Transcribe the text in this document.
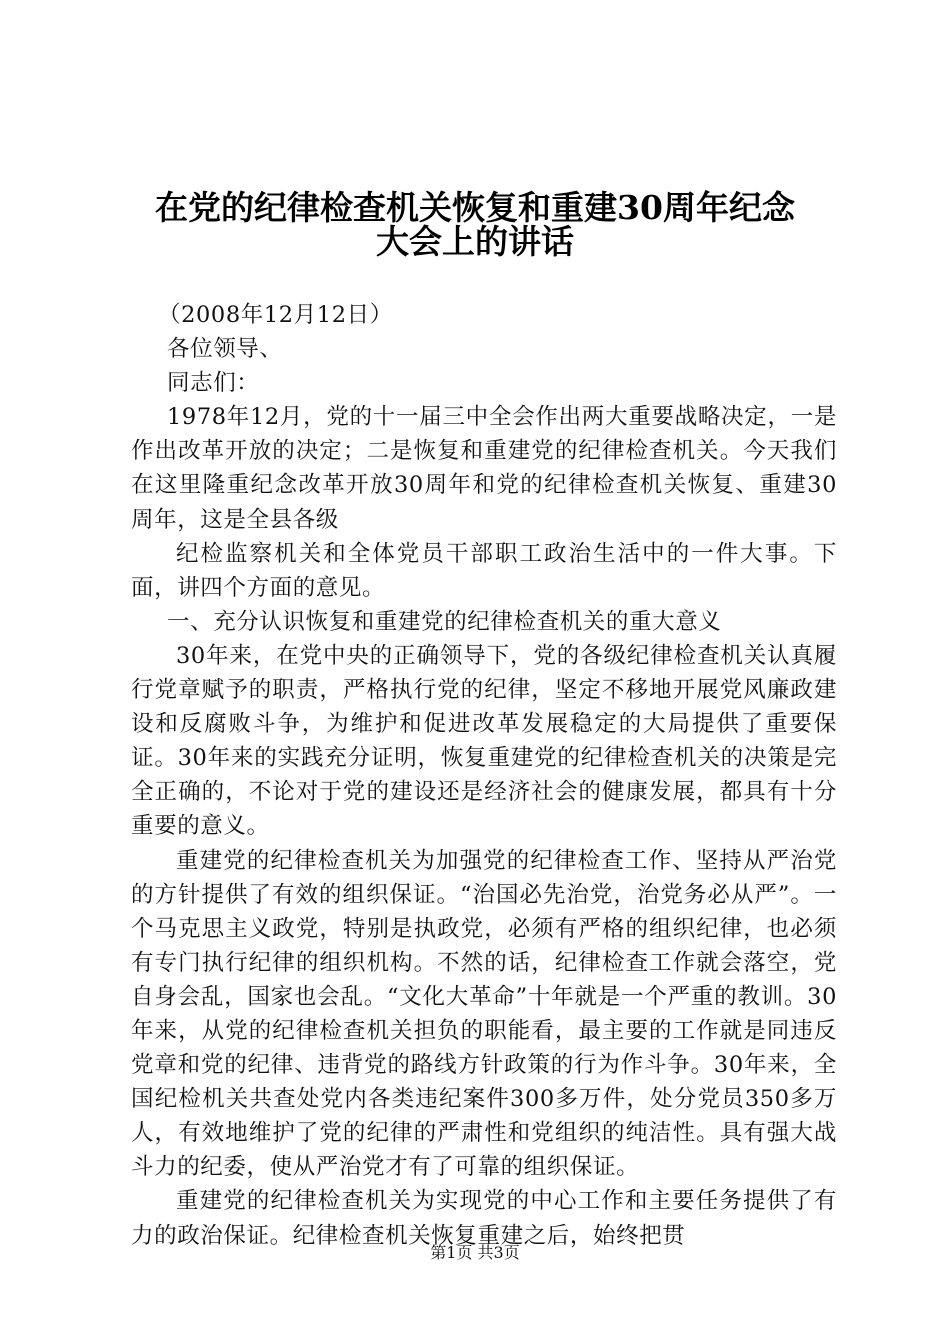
在党的纪律检查机关恢复和重建30周年纪念
大会上的讲话

（2008年12月12日）

各位领导、

同志们：

1978年12月，党的十一届三中全会作出两大重要战略决定，一是作出改革开放的决定；二是恢复和重建党的纪律检查机关。今天我们在这里隆重纪念改革开放30周年和党的纪律检查机关恢复、重建30周年，这是全县各级

纪检监察机关和全体党员干部职工政治生活中的一件大事。下面，讲四个方面的意见。

一、充分认识恢复和重建党的纪律检查机关的重大意义

30年来，在党中央的正确领导下，党的各级纪律检查机关认真履行党章赋予的职责，严格执行党的纪律，坚定不移地开展党风廉政建设和反腐败斗争，为维护和促进改革发展稳定的大局提供了重要保证。30年来的实践充分证明，恢复重建党的纪律检查机关的决策是完全正确的，不论对于党的建设还是经济社会的健康发展，都具有十分重要的意义。

重建党的纪律检查机关为加强党的纪律检查工作、坚持从严治党的方针提供了有效的组织保证。“治国必先治党，治党务必从严”。一个马克思主义政党，特别是执政党，必须有严格的组织纪律，也必须有专门执行纪律的组织机构。不然的话，纪律检查工作就会落空，党自身会乱，国家也会乱。“文化大革命”十年就是一个严重的教训。30年来，从党的纪律检查机关担负的职能看，最主要的工作就是同违反党章和党的纪律、违背党的路线方针政策的行为作斗争。30年来，全国纪检机关共查处党内各类违纪案件300多万件，处分党员350多万人，有效地维护了党的纪律的严肃性和党组织的纯洁性。具有强大战斗力的纪委，使从严治党才有了可靠的组织保证。

重建党的纪律检查机关为实现党的中心工作和主要任务提供了有力的政治保证。纪律检查机关恢复重建之后，始终把贯

第1页 共3页
